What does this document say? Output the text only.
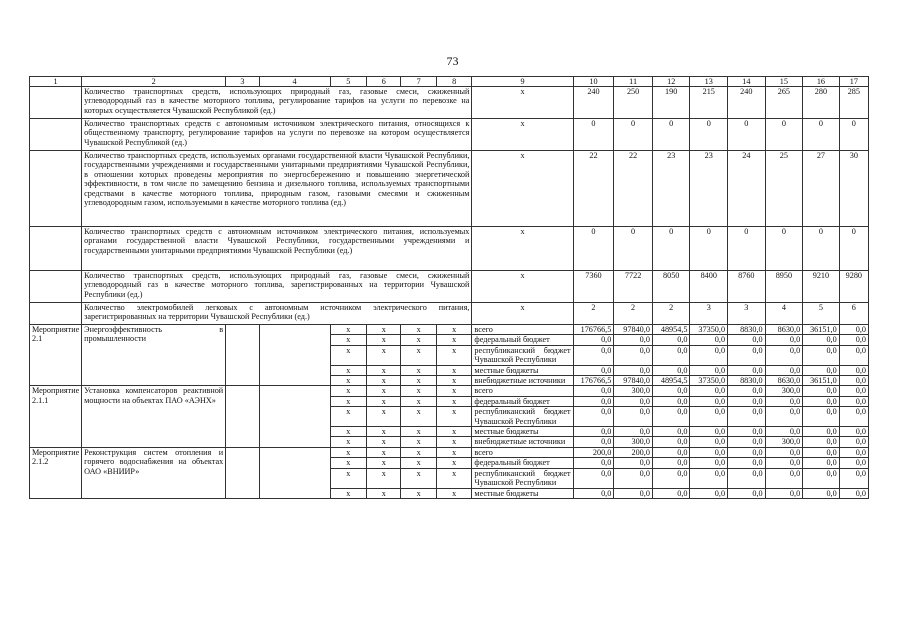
73
1	2	3	4	5	6	7	8	9	10	11	12	13	14	15	16	17
	Количество транспортных средств, использующих природный газ, газовые смеси, сжиженный углеводородный газ в качестве моторного топлива, регулирование тарифов на услуги по перевозке на которых осуществляется Чувашской Республикой (ед.)							x	240	250	190	215	240	265	280	285
	Количество транспортных средств с автономным источником электрического питания, относящихся к общественному транспорту, регулирование тарифов на услуги по перевозке на котором осуществляется Чувашской Республикой (ед.)							x	0	0	0	0	0	0	0	0
	Количество транспортных средств, используемых органами государственной власти Чувашской Республики, государственными учреждениями и государственными унитарными предприятиями Чувашской Республики, в отношении которых проведены мероприятия по энергосбережению и повышению энергетической эффективности, в том числе по замещению бензина и дизельного топлива, используемых транспортными средствами в качестве моторного топлива, природным газом, газовыми смесями и сжиженным углеводородным газом, используемыми в качестве моторного топлива (ед.)							x	22	22	23	23	24	25	27	30
	Количество транспортных средств с автономным источником электрического питания, используемых органами государственной власти Чувашской Республики, государственными учреждениями и государственными унитарными предприятиями Чувашской Республики (ед.)							x	0	0	0	0	0	0	0	0
	Количество транспортных средств, использующих природный газ, газовые смеси, сжиженный углеводородный газ в качестве моторного топлива, зарегистрированных на территории Чувашской Республики (ед.)							x	7360	7722	8050	8400	8760	8950	9210	9280
	Количество электромобилей легковых с автономным источником электрического питания, зарегистрированных на территории Чувашской Республики (ед.)							x	2	2	2	3	3	4	5	6
Мероприятие 2.1	Энергоэффективность в промышленности			x	x	x	x	всего	176766,5	97840,0	48954,5	37350,0	8830,0	8630,0	36151,0	0,0
				x	x	x	x	федеральный бюджет	0,0	0,0	0,0	0,0	0,0	0,0	0,0	0,0
				x	x	x	x	республиканский бюджет Чувашской Республики	0,0	0,0	0,0	0,0	0,0	0,0	0,0	0,0
				x	x	x	x	местные бюджеты	0,0	0,0	0,0	0,0	0,0	0,0	0,0	0,0
				x	x	x	x	внебюджетные источники	176766,5	97840,0	48954,5	37350,0	8830,0	8630,0	36151,0	0,0
Мероприятие 2.1.1	Установка компенсаторов реактивной мощности на объектах ПАО «АЭНХ»			x	x	x	x	всего	0,0	300,0	0,0	0,0	0,0	300,0	0,0	0,0
				x	x	x	x	федеральный бюджет	0,0	0,0	0,0	0,0	0,0	0,0	0,0	0,0
				x	x	x	x	республиканский бюджет Чувашской Республики	0,0	0,0	0,0	0,0	0,0	0,0	0,0	0,0
				x	x	x	x	местные бюджеты	0,0	0,0	0,0	0,0	0,0	0,0	0,0	0,0
				x	x	x	x	внебюджетные источники	0,0	300,0	0,0	0,0	0,0	300,0	0,0	0,0
Мероприятие 2.1.2	Реконструкция систем отопления и горячего водоснабжения на объектах ОАО «ВНИИР»			x	x	x	x	всего	200,0	200,0	0,0	0,0	0,0	0,0	0,0	0,0
				x	x	x	x	федеральный бюджет	0,0	0,0	0,0	0,0	0,0	0,0	0,0	0,0
				x	x	x	x	республиканский бюджет Чувашской Республики	0,0	0,0	0,0	0,0	0,0	0,0	0,0	0,0
				x	x	x	x	местные бюджеты	0,0	0,0	0,0	0,0	0,0	0,0	0,0	0,0
